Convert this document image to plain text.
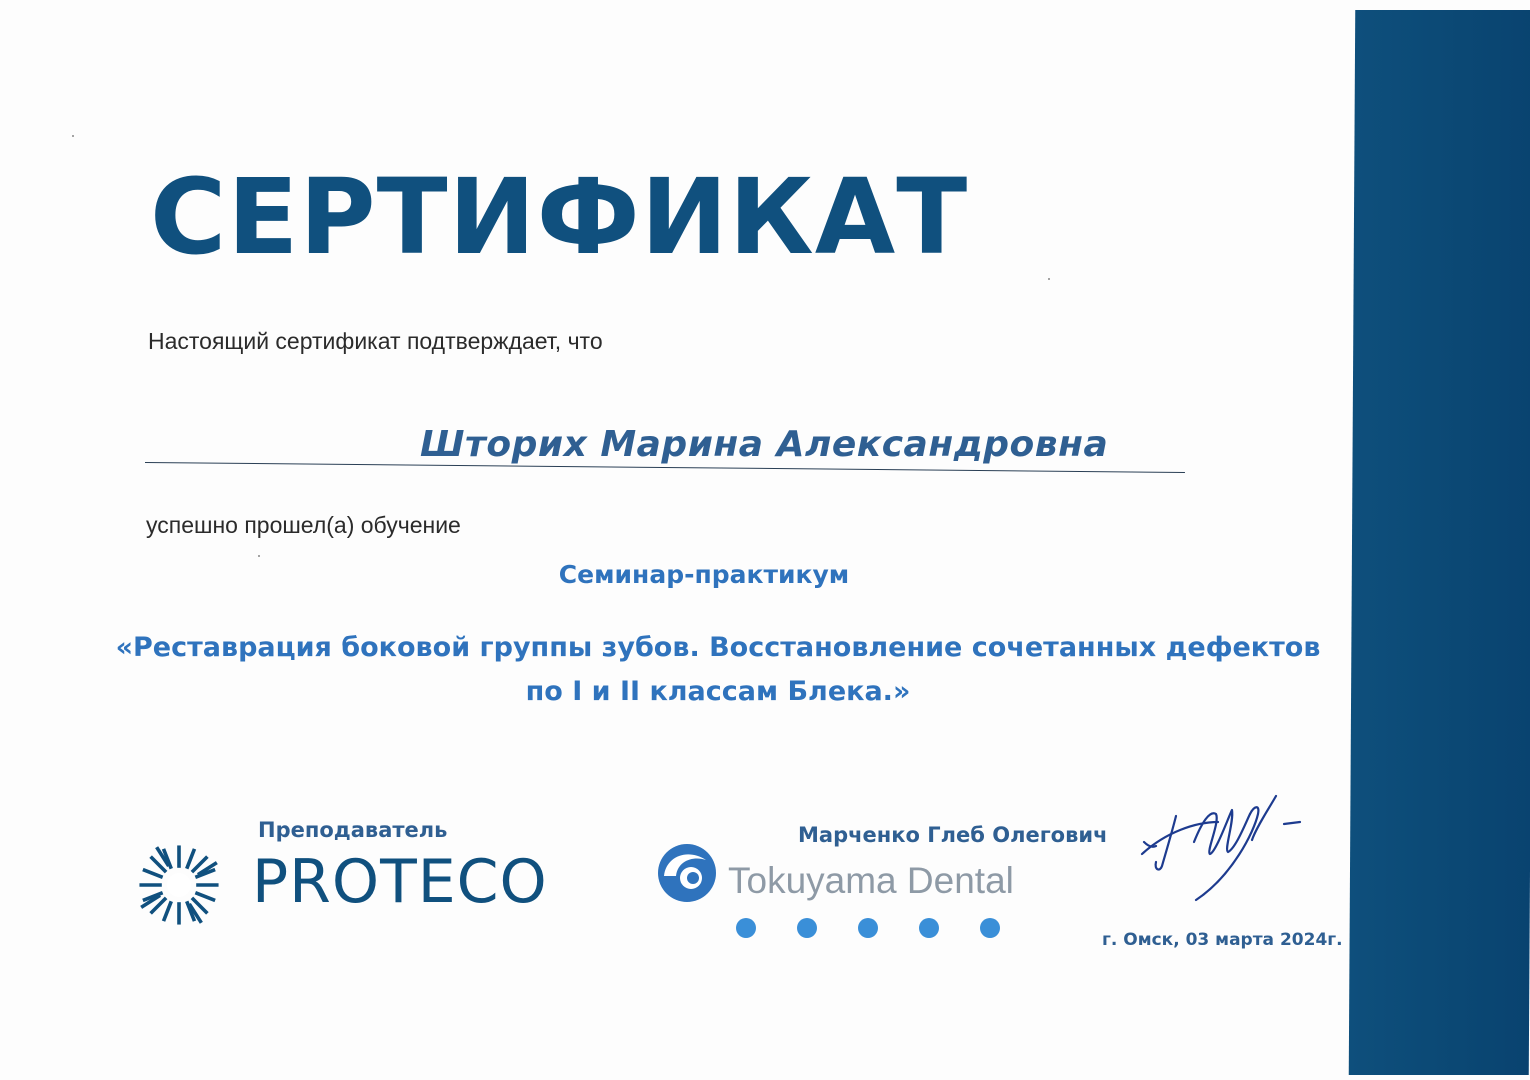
СЕРТИФИКАТ
Настоящий сертификат подтверждает, что
Шторих Марина Александровна
успешно прошел(а) обучение
Семинар-практикум
«Реставрация боковой группы зубов. Восстановление сочетанных дефектов
по I и II классам Блека.»
Преподаватель
PROTECO
Марченко Глеб Олегович
Tokuyama Dental
г. Омск, 03 марта 2024г.
